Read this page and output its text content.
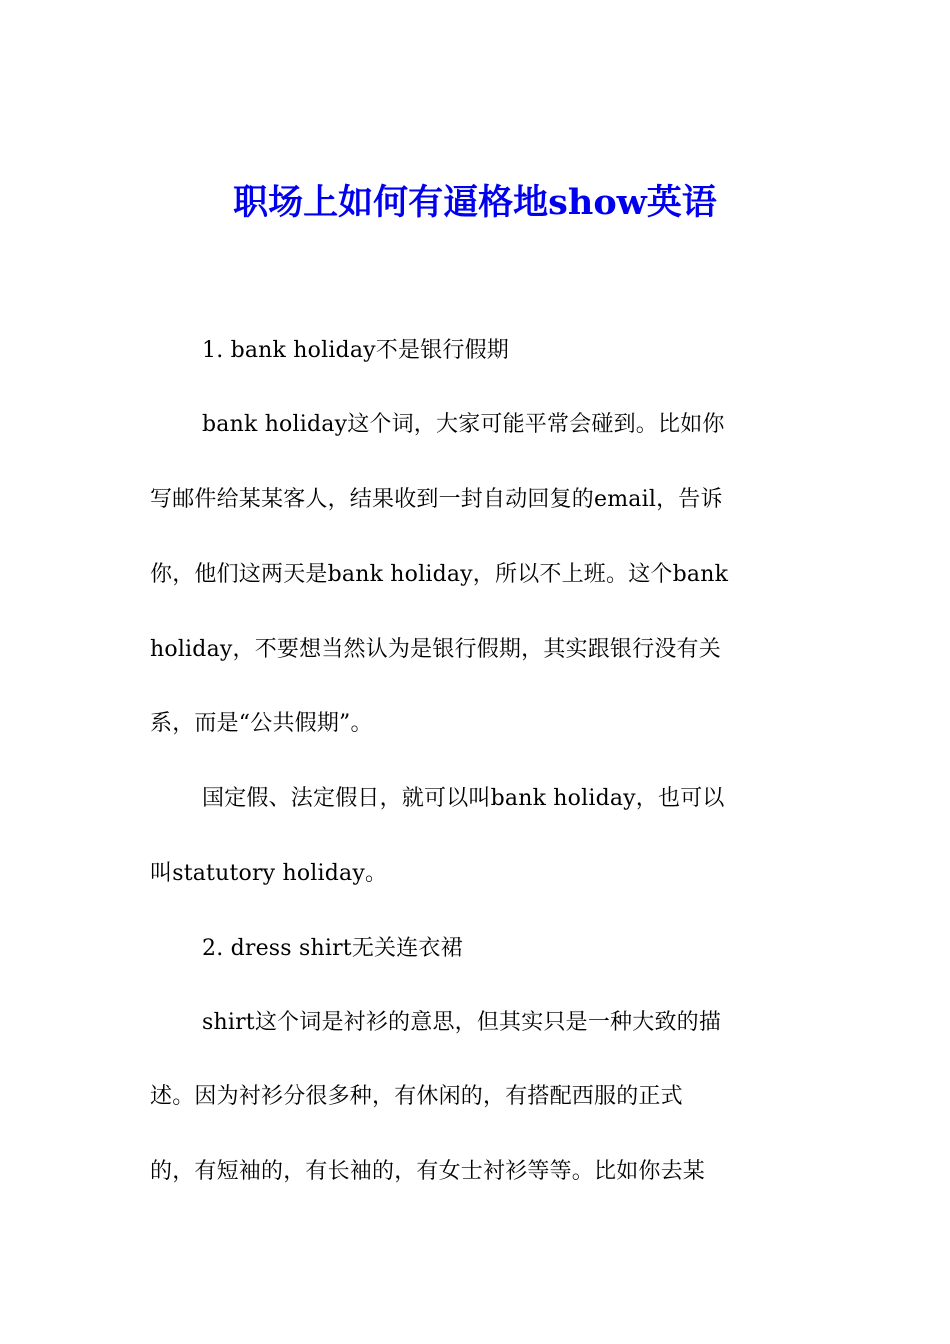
职场上如何有逼格地show英语
1. bank holiday不是银行假期
bank holiday这个词，大家可能平常会碰到。比如你
写邮件给某某客人，结果收到一封自动回复的email，告诉
你，他们这两天是bank holiday，所以不上班。这个bank
holiday，不要想当然认为是银行假期，其实跟银行没有关
系，而是“公共假期”。
国定假、法定假日，就可以叫bank holiday，也可以
叫statutory holiday。
2. dress shirt无关连衣裙
shirt这个词是衬衫的意思，但其实只是一种大致的描
述。因为衬衫分很多种，有休闲的，有搭配西服的正式
的，有短袖的，有长袖的，有女士衬衫等等。比如你去某
